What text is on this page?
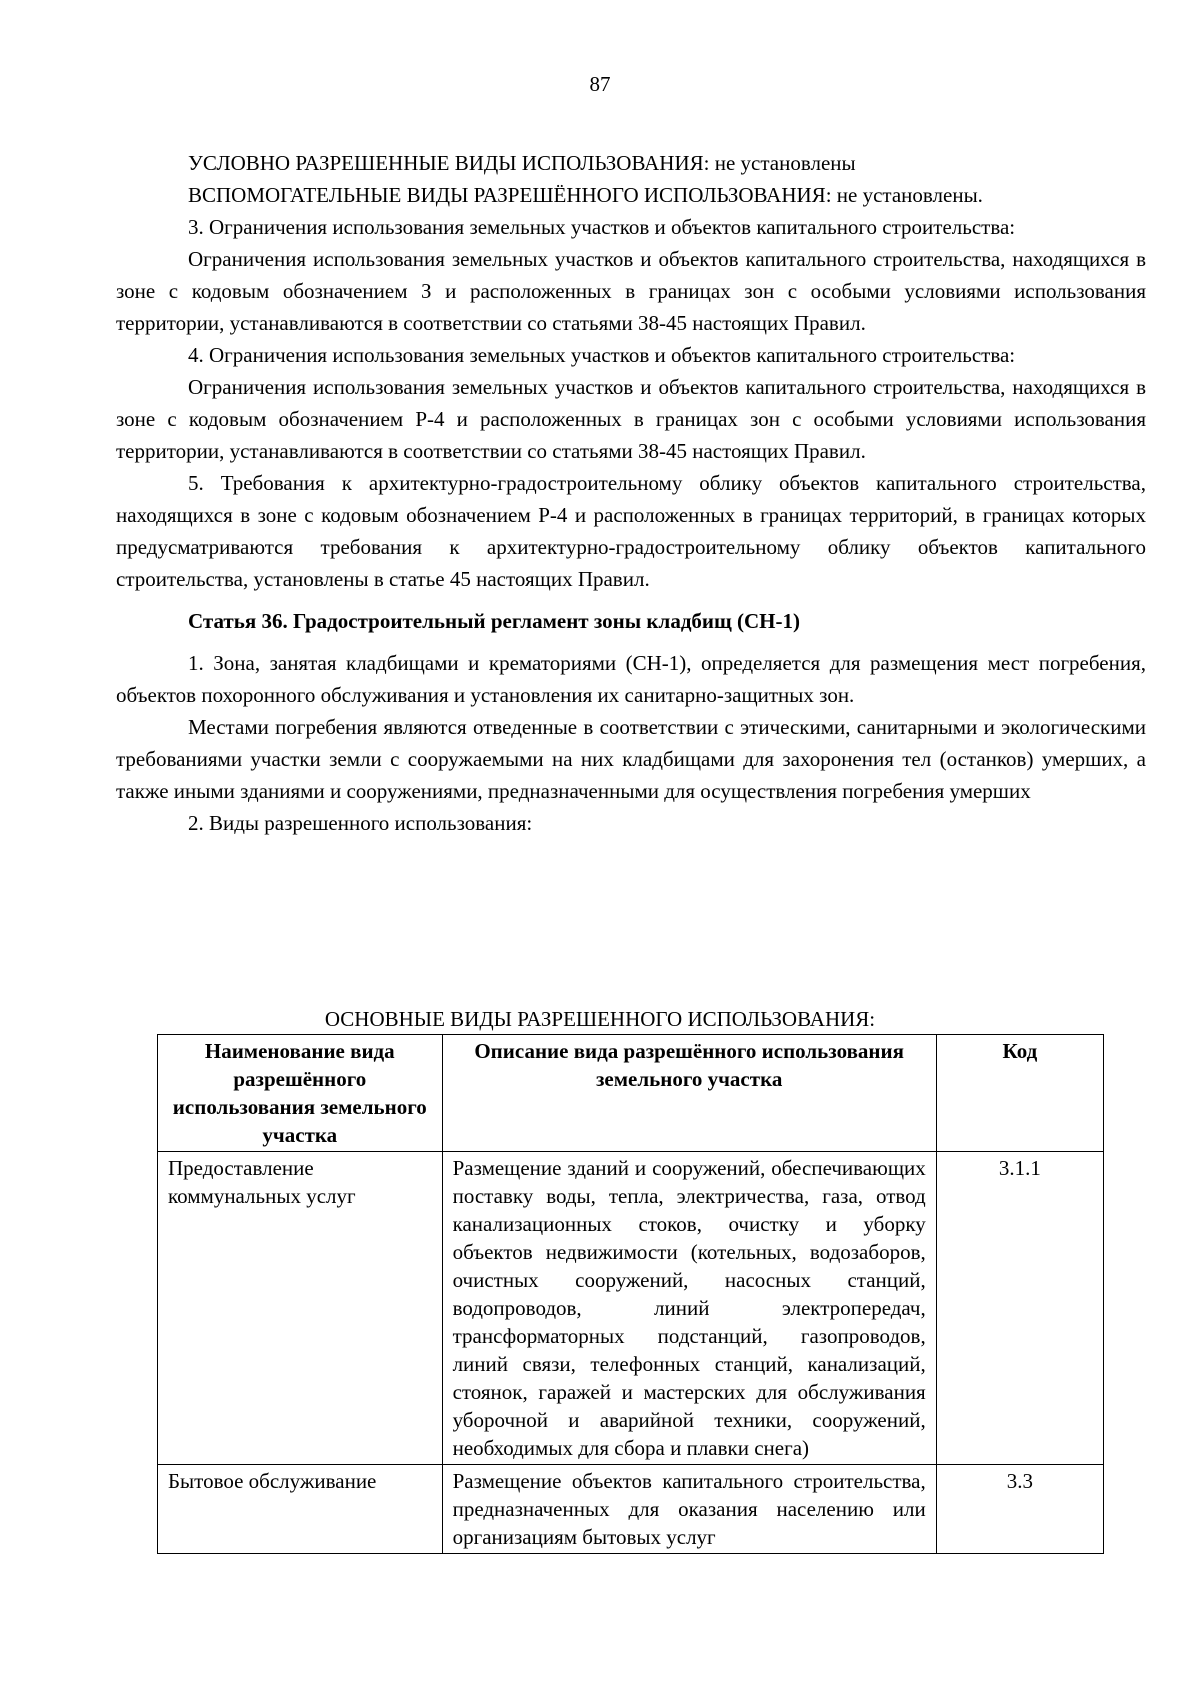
87

УСЛОВНО РАЗРЕШЕННЫЕ ВИДЫ ИСПОЛЬЗОВАНИЯ: не установлены

ВСПОМОГАТЕЛЬНЫЕ ВИДЫ РАЗРЕШЁННОГО ИСПОЛЬЗОВАНИЯ: не установлены.

3. Ограничения использования земельных участков и объектов капитального строительства:

Ограничения использования земельных участков и объектов капитального строительства, находящихся в зоне с кодовым обозначением З и расположенных в границах зон с особыми условиями использования территории, устанавливаются в соответствии со статьями 38-45 настоящих Правил.

4. Ограничения использования земельных участков и объектов капитального строительства:

Ограничения использования земельных участков и объектов капитального строительства, находящихся в зоне с кодовым обозначением Р-4 и расположенных в границах зон с особыми условиями использования территории, устанавливаются в соответствии со статьями 38-45 настоящих Правил.

5. Требования к архитектурно-градостроительному облику объектов капитального строительства, находящихся в зоне с кодовым обозначением Р-4 и расположенных в границах территорий, в границах которых предусматриваются требования к архитектурно-градостроительному облику объектов капитального строительства, установлены в статье 45 настоящих Правил.

Статья 36. Градостроительный регламент зоны кладбищ (СН-1)

1. Зона, занятая кладбищами и крематориями (СН-1), определяется для размещения мест погребения, объектов похоронного обслуживания и установления их санитарно-защитных зон.

Местами погребения являются отведенные в соответствии с этическими, санитарными и экологическими требованиями участки земли с сооружаемыми на них кладбищами для захоронения тел (останков) умерших, а также иными зданиями и сооружениями, предназначенными для осуществления погребения умерших

2. Виды разрешенного использования:

ОСНОВНЫЕ ВИДЫ РАЗРЕШЕННОГО ИСПОЛЬЗОВАНИЯ:
Наименование вида разрешённого использования земельного участка	Описание вида разрешённого использования земельного участка	Код
Предоставление коммунальных услуг	Размещение зданий и сооружений, обеспечивающих поставку воды, тепла, электричества, газа, отвод канализационных стоков, очистку и уборку объектов недвижимости (котельных, водозаборов, очистных сооружений, насосных станций, водопроводов, линий электропередач, трансформаторных подстанций, газопроводов, линий связи, телефонных станций, канализаций, стоянок, гаражей и мастерских для обслуживания уборочной и аварийной техники, сооружений, необходимых для сбора и плавки снега)	3.1.1
Бытовое обслуживание	Размещение объектов капитального строительства, предназначенных для оказания населению или организациям бытовых услуг	3.3
